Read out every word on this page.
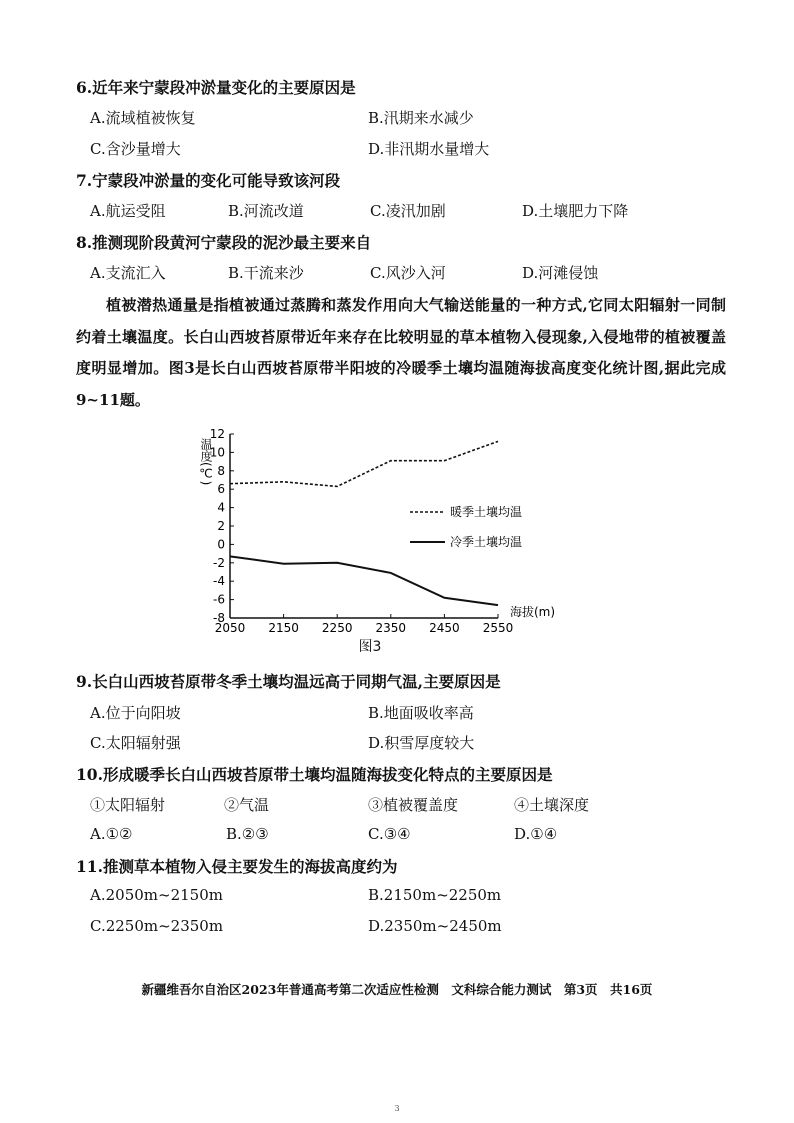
6.近年来宁蒙段冲淤量变化的主要原因是
A.流域植被恢复	B.汛期来水减少
C.含沙量增大	D.非汛期水量增大
7.宁蒙段冲淤量的变化可能导致该河段
A.航运受阻	B.河流改道	C.凌汛加剧	D.土壤肥力下降
8.推测现阶段黄河宁蒙段的泥沙最主要来自
A.支流汇入	B.干流来沙	C.风沙入河	D.河滩侵蚀

植被潜热通量是指植被通过蒸腾和蒸发作用向大气输送能量的一种方式,它同太阳辐射一同制约着土壤温度。长白山西坡苔原带近年来存在比较明显的草本植物入侵现象,入侵地带的植被覆盖度明显增加。图3是长白山西坡苔原带半阳坡的冷暖季土壤均温随海拔高度变化统计图,据此完成9~11题。

-8
-6
-4
-2
0
2
4
6
8
10
12
2050 2150 2250 2350 2450 2550
温度(℃)
海拔(m)
暖季土壤均温
冷季土壤均温
图3
9.长白山西坡苔原带冬季土壤均温远高于同期气温,主要原因是
A.位于向阳坡	B.地面吸收率高
C.太阳辐射强	D.积雪厚度较大
10.形成暖季长白山西坡苔原带土壤均温随海拔变化特点的主要原因是
①太阳辐射	②气温	③植被覆盖度	④土壤深度
A.①②	B.②③	C.③④	D.①④
11.推测草本植物入侵主要发生的海拔高度约为
A.2050m~2150m	B.2150m~2250m
C.2250m~2350m	D.2350m~2450m
新疆维吾尔自治区2023年普通高考第二次适应性检测　文科综合能力测试　第3页　共16页
3
